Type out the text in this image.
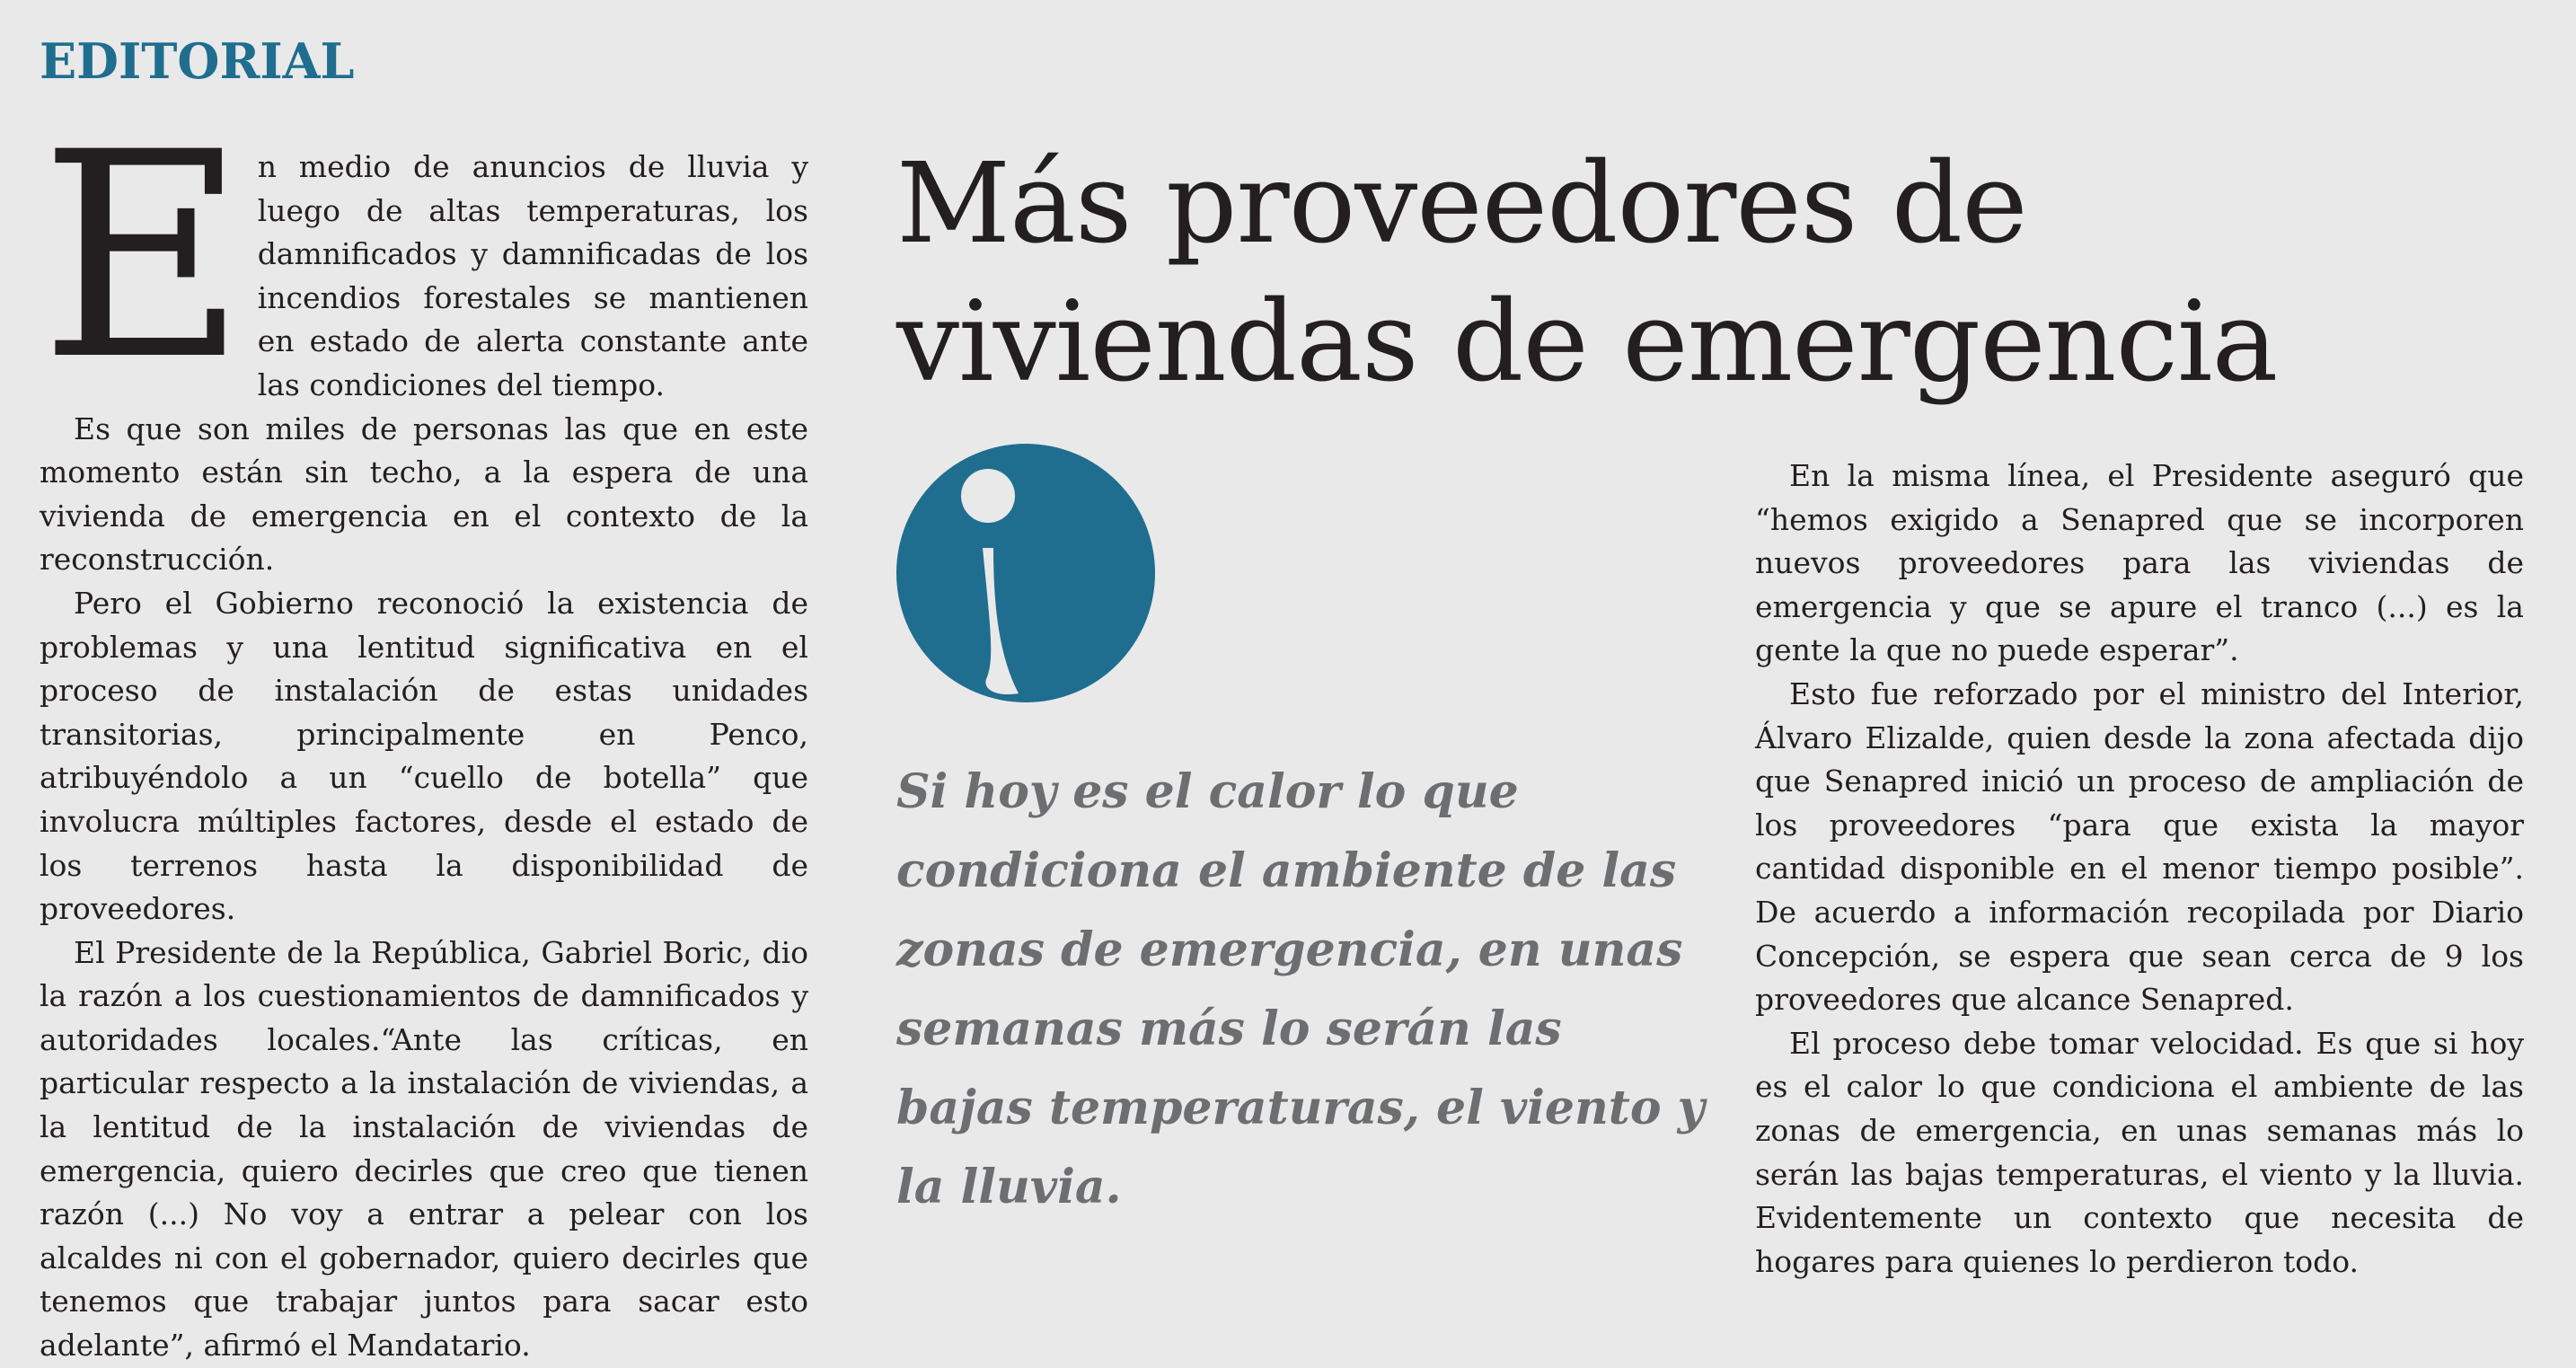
EDITORIAL

En medio de anuncios de lluvia y luego de altas temperaturas, los damnificados y damnificadas de los incendios forestales se mantienen en estado de alerta constante ante las condiciones del tiempo.

Es que son miles de personas las que en este momento están sin techo, a la espera de una vivienda de emergencia en el contexto de la reconstrucción.

Pero el Gobierno reconoció la existencia de problemas y una lentitud significativa en el proceso de instalación de estas unidades transitorias, principalmente en Penco, atribuyéndolo a un “cuello de botella” que involucra múltiples factores, desde el estado de los terrenos hasta la disponibilidad de proveedores.

El Presidente de la República, Gabriel Boric, dio la razón a los cuestionamientos de damnificados y autoridades locales.“Ante las críticas, en particular respecto a la instalación de viviendas, a la lentitud de la instalación de viviendas de emergencia, quiero decirles que creo que tienen razón (...) No voy a entrar a pelear con los alcaldes ni con el gobernador, quiero decirles que tenemos que trabajar juntos para sacar esto adelante”, afirmó el Mandatario.

Más proveedores de viviendas de emergencia

Si hoy es el calor lo que condiciona el ambiente de las zonas de emergencia, en unas semanas más lo serán las bajas temperaturas, el viento y la lluvia.

En la misma línea, el Presidente aseguró que “hemos exigido a Senapred que se incorporen nuevos proveedores para las viviendas de emergencia y que se apure el tranco (...) es la gente la que no puede esperar”.

Esto fue reforzado por el ministro del Interior, Álvaro Elizalde, quien desde la zona afectada dijo que Senapred inició un proceso de ampliación de los proveedores “para que exista la mayor cantidad disponible en el menor tiempo posible”. De acuerdo a información recopilada por Diario Concepción, se espera que sean cerca de 9 los proveedores que alcance Senapred.

El proceso debe tomar velocidad. Es que si hoy es el calor lo que condiciona el ambiente de las zonas de emergencia, en unas semanas más lo serán las bajas temperaturas, el viento y la lluvia. Evidentemente un contexto que necesita de hogares para quienes lo perdieron todo.
